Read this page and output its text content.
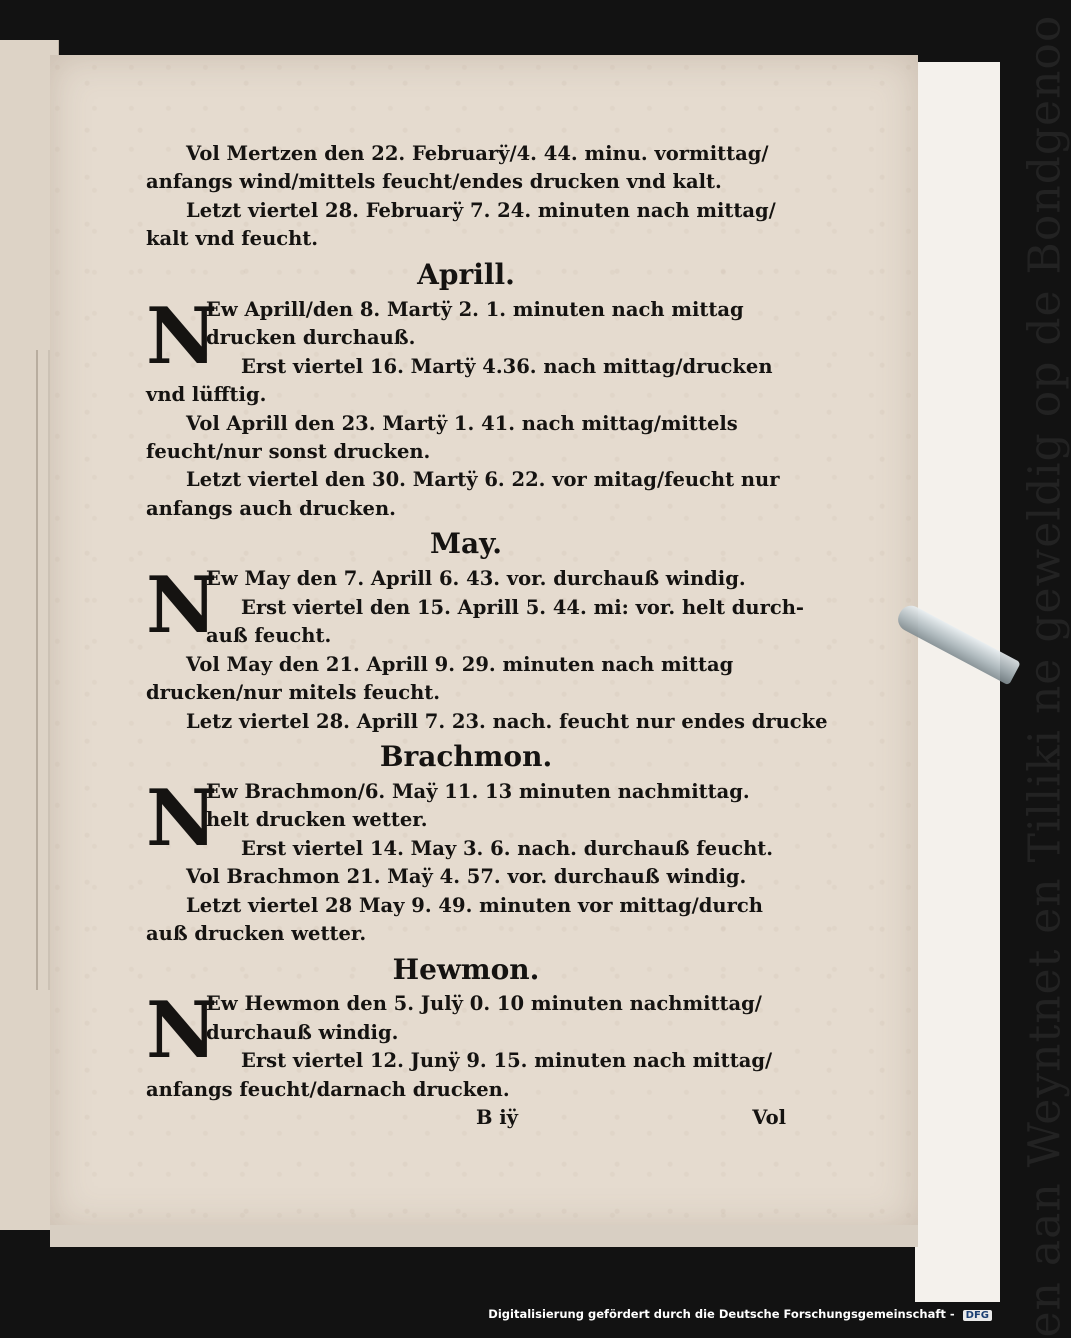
en aan Weyntnet en Tilliki ne geweldig op de Bondgenoo
Vol Mertzen den 22. Februarÿ/4. 44. minu. vormittag/
anfangs wind/mittels feucht/endes drucken vnd kalt.
Letzt viertel 28. Februarÿ 7. 24. minuten nach mittag/
kalt vnd feucht.
Aprill.
N
Ew Aprill/den 8. Martÿ 2. 1. minuten nach mittag
drucken durchauß.
Erst viertel 16. Martÿ 4.36. nach mittag/drucken
vnd lüfftig.
Vol Aprill den 23. Martÿ 1. 41. nach mittag/mittels
feucht/nur sonst drucken.
Letzt viertel den 30. Martÿ 6. 22. vor mitag/feucht nur
anfangs auch drucken.
May.
N
Ew May den 7. Aprill 6. 43. vor. durchauß windig.
Erst viertel den 15. Aprill 5. 44. mi: vor. helt durch-
auß feucht.
Vol May den 21. Aprill 9. 29. minuten nach mittag
drucken/nur mitels feucht.
Letz viertel 28. Aprill 7. 23. nach. feucht nur endes drucke
Brachmon.
N
Ew Brachmon/6. Maÿ 11. 13 minuten nachmittag.
helt drucken wetter.
Erst viertel 14. May 3. 6. nach. durchauß feucht.
Vol Brachmon 21. Maÿ 4. 57. vor. durchauß windig.
Letzt viertel 28 May 9. 49. minuten vor mittag/durch
auß drucken wetter.
Hewmon.
N
Ew Hewmon den 5. Julÿ 0. 10 minuten nachmittag/
durchauß windig.
Erst viertel 12. Junÿ 9. 15. minuten nach mittag/
anfangs feucht/darnach drucken.
B iÿ	Vol
Digitalisierung gefördert durch die Deutsche Forschungsgemeinschaft - DFG
